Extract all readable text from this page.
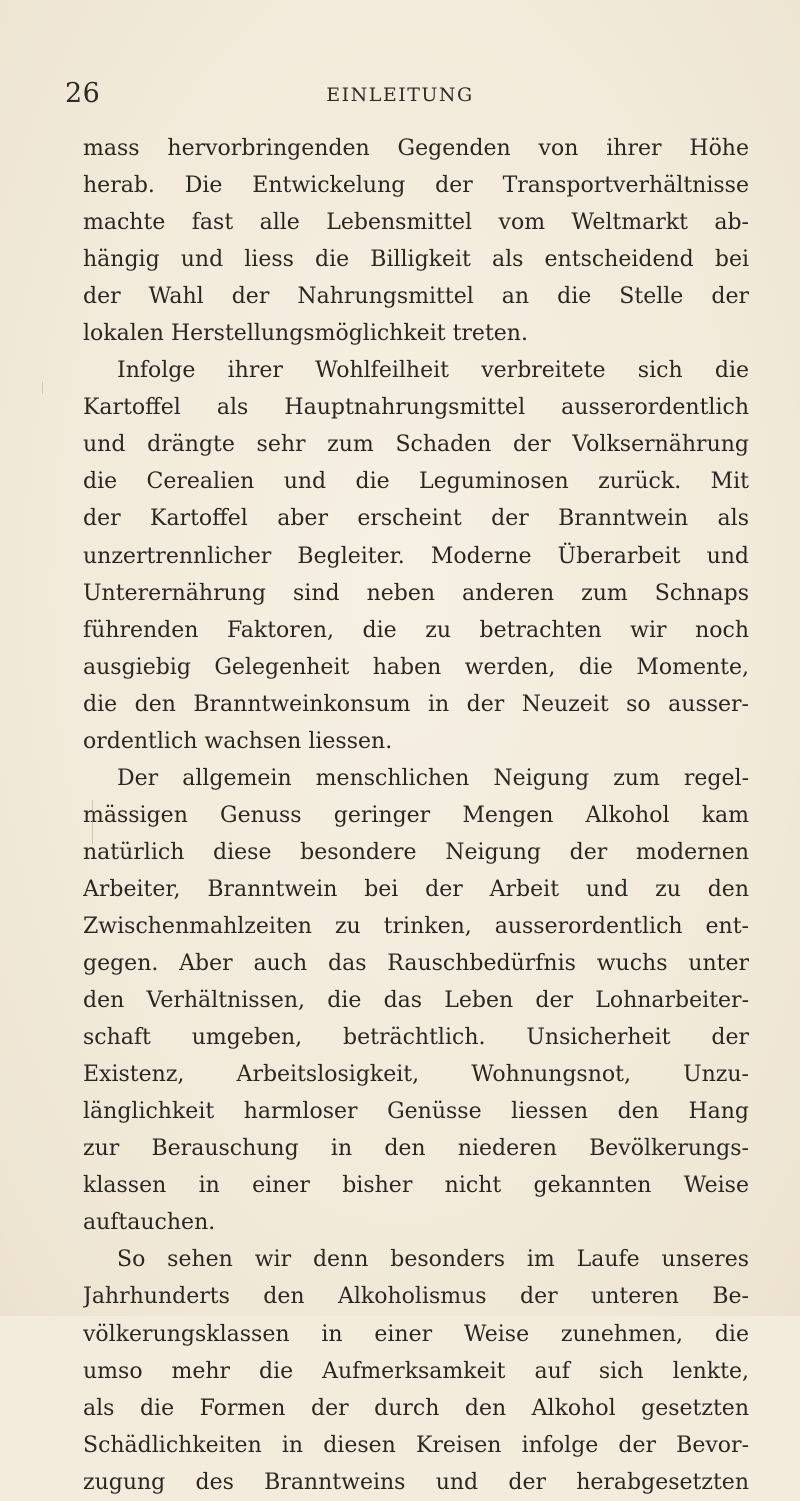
26	EINLEITUNG
mass hervorbringenden Gegenden von ihrer Höhe
herab. Die Entwickelung der Transportverhältnisse
machte fast alle Lebensmittel vom Weltmarkt ab-
hängig und liess die Billigkeit als entscheidend bei
der Wahl der Nahrungsmittel an die Stelle der
lokalen Herstellungsmöglichkeit treten.
Infolge ihrer Wohlfeilheit verbreitete sich die
Kartoffel als Hauptnahrungsmittel ausserordentlich
und drängte sehr zum Schaden der Volksernährung
die Cerealien und die Leguminosen zurück. Mit
der Kartoffel aber erscheint der Branntwein als
unzertrennlicher Begleiter. Moderne Überarbeit und
Unterernährung sind neben anderen zum Schnaps
führenden Faktoren, die zu betrachten wir noch
ausgiebig Gelegenheit haben werden, die Momente,
die den Branntweinkonsum in der Neuzeit so ausser-
ordentlich wachsen liessen.
Der allgemein menschlichen Neigung zum regel-
mässigen Genuss geringer Mengen Alkohol kam
natürlich diese besondere Neigung der modernen
Arbeiter, Branntwein bei der Arbeit und zu den
Zwischenmahlzeiten zu trinken, ausserordentlich ent-
gegen. Aber auch das Rauschbedürfnis wuchs unter
den Verhältnissen, die das Leben der Lohnarbeiter-
schaft umgeben, beträchtlich. Unsicherheit der
Existenz, Arbeitslosigkeit, Wohnungsnot, Unzu-
länglichkeit harmloser Genüsse liessen den Hang
zur Berauschung in den niederen Bevölkerungs-
klassen in einer bisher nicht gekannten Weise
auftauchen.
So sehen wir denn besonders im Laufe unseres
Jahrhunderts den Alkoholismus der unteren Be-
völkerungsklassen in einer Weise zunehmen, die
umso mehr die Aufmerksamkeit auf sich lenkte,
als die Formen der durch den Alkohol gesetzten
Schädlichkeiten in diesen Kreisen infolge der Bevor-
zugung des Branntweins und der herabgesetzten
